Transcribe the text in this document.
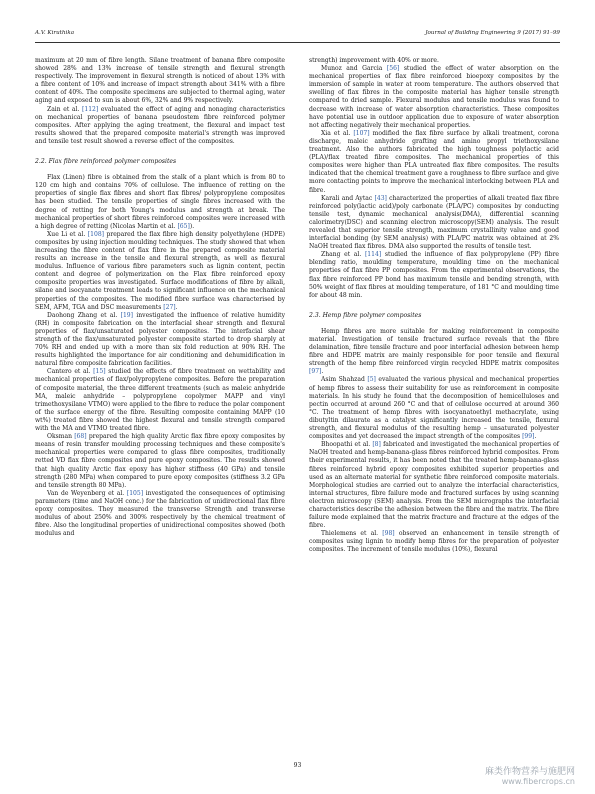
A.V. Kiruthika	Journal of Building Engineering 9 (2017) 91–99

maximum at 20 mm of fibre length. Silane treatment of banana fibre composite showed 28% and 13% increase of tensile strength and flexural strength respectively. The improvement in flexural strength is noticed of about 13% with a fibre content of 10% and increase of impact strength about 341% with a fibre content of 40%. The composite specimens are subjected to thermal aging, water aging and exposed to sun is about 6%, 32% and 9% respectively.

Zain et al. [112] evaluated the effect of aging and nonaging characteristics on mechanical properties of banana pseudostem fibre reinforced polymer composites. After applying the aging treatment, the flexural and impact test results showed that the prepared composite material's strength was improved and tensile test result showed a reverse effect of the composites.

2.2. Flax fibre reinforced polymer composites

Flax (Linen) fibre is obtained from the stalk of a plant which is from 80 to 120 cm high and contains 70% of cellulose. The influence of retting on the properties of single flax fibres and short flax fibres/ polypropylene composites has been studied. The tensile properties of single fibres increased with the degree of retting for both Young's modulus and strength at break. The mechanical properties of short fibres reinforced composites were increased with a high degree of retting (Nicolas Martin et al. [65]).

Xue Li et al. [108] prepared the flax fibre high density polyethylene (HDPE) composites by using injection moulding techniques. The study showed that when increasing the fibre content of flax fibre in the prepared composite material results an increase in the tensile and flexural strength, as well as flexural modulus. Influence of various fibre parameters such as lignin content, pectin content and degree of polymerization on the Flax fibre reinforced epoxy composite properties was investigated. Surface modifications of fibre by alkali, silane and isocyanate treatment leads to significant influence on the mechanical properties of the composites. The modified fibre surface was characterised by SEM, AFM, TGA and DSC measurements [27].

Daohong Zhang et al. [19] investigated the influence of relative humidity (RH) in composite fabrication on the interfacial shear strength and flexural properties of flax/unsaturated polyester composites. The interfacial shear strength of the flax/unsaturated polyester composite started to drop sharply at 70% RH and ended up with a more than six fold reduction at 90% RH. The results highlighted the importance for air conditioning and dehumidification in natural fibre composite fabrication facilities.

Cantero et al. [15] studied the effects of fibre treatment on wettability and mechanical properties of flax/polypropylene composites. Before the preparation of composite material, the three different treatments (such as maleic anhydride MA, maleic anhydride – polypropylene copolymer MAPP and vinyl trimethoxysilane VTMO) were applied to the fibre to reduce the polar component of the surface energy of the fibre. Resulting composite containing MAPP (10 wt%) treated fibre showed the highest flexural and tensile strength compared with the MA and VTMO treated fibre.

Oksman [68] prepared the high quality Arctic flax fibre epoxy composites by means of resin transfer moulding processing techniques and these composite's mechanical properties were compared to glass fibre composites, traditionally retted VD flax fibre composites and pure epoxy composites. The results showed that high quality Arctic flax epoxy has higher stiffness (40 GPa) and tensile strength (280 MPa) when compared to pure epoxy composites (stiffness 3.2 GPa and tensile strength 80 MPa).

Van de Weyenberg et al. [105] investigated the consequences of optimising parameters (time and NaOH conc.) for the fabrication of unidirectional flax fibre epoxy composites. They measured the transverse Strength and transverse modulus of about 250% and 300% respectively by the chemical treatment of fibre. Also the longitudinal properties of unidirectional composites showed (both modulus and

strength) improvement with 40% or more.

Munoz and Garcia [56] studied the effect of water absorption on the mechanical properties of flax fibre reinforced bioepoxy composites by the immersion of sample in water at room temperature. The authors observed that swelling of flax fibres in the composite material has higher tensile strength compared to dried sample. Flexural modulus and tensile modulus was found to decrease with increase of water absorption characteristics. These composites have potential use in outdoor application due to exposure of water absorption not affecting negatively their mechanical properties.

Xia et al. [107] modified the flax fibre surface by alkali treatment, corona discharge, maleic anhydride grafting and amino propyl triethoxysilane treatment. Also the authors fabricated the high toughness polylactic acid (PLA)/flax treated fibre composites. The mechanical properties of this composites were higher than PLA untreated flax fibre composites. The results indicated that the chemical treatment gave a roughness to fibre surface and give more contacting points to improve the mechanical interlocking between PLA and fibre.

Karali and Aytac [43] characterized the properties of alkali treated flax fibre reinforced poly(lactic acid)/poly carbonate (PLA/PC) composites by conducting tensile test, dynamic mechanical analysis(DMA), differential scanning calorimetry(DSC) and scanning electron microscopy(SEM) analysis. The result revealed that superior tensile strength, maximum crystallinity value and good interfacial bonding (by SEM analysis) with PLA/PC matrix was obtained at 2% NaOH treated flax fibres. DMA also supported the results of tensile test.

Zhang et al. [114] studied the influence of flax polypropylene (PP) fibre blending ratio, moulding temperature, moulding time on the mechanical properties of flax fibre PP composites. From the experimental observations, the flax fibre reinforced PP bond has maximum tensile and bending strength, with 50% weight of flax fibres at moulding temperature, of 181 °C and moulding time for about 48 min.

2.3. Hemp fibre polymer composites

Hemp fibres are more suitable for making reinforcement in composite material. Investigation of tensile fractured surface reveals that the fibre delamination, fibre tensile fracture and poor interfacial adhesion between hemp fibre and HDPE matrix are mainly responsible for poor tensile and flexural strength of the hemp fibre reinforced virgin recycled HDPE matrix composites [97].

Asim Shahzad [5] evaluated the various physical and mechanical properties of hemp fibres to assess their suitability for use as reinforcement in composite materials. In his study he found that the decomposition of hemicelluloses and pectin occurred at around 260 °C and that of cellulose occurred at around 360 °C. The treatment of hemp fibres with isocyanatoethyl methacrylate, using dibutyltin dilaurate as a catalyst significantly increased the tensile, flexural strength, and flexural modulus of the resulting hemp – unsaturated polyester composites and yet decreased the impact strength of the composites [99].

Bhoopathi et al. [8] fabricated and investigated the mechanical properties of NaOH treated and hemp-banana-glass fibres reinforced hybrid composites. From their experimental results, it has been noted that the treated hemp-banana-glass fibres reinforced hybrid epoxy composites exhibited superior properties and used as an alternate material for synthetic fibre reinforced composite materials. Morphological studies are carried out to analyze the interfacial characteristics, internal structures, fibre failure mode and fractured surfaces by using scanning electron microscopy (SEM) analysis. From the SEM micrographs the interfacial characteristics describe the adhesion between the fibre and the matrix. The fibre failure mode explained that the matrix fracture and fracture at the edges of the fibre.

Thielemens et al. [98] observed an enhancement in tensile strength of composites using lignin to modify hemp fibres for the preparation of polyester composites. The increment of tensile modulus (10%), flexural

93
麻类作物营养与施肥网
www.fibercrops.cn
